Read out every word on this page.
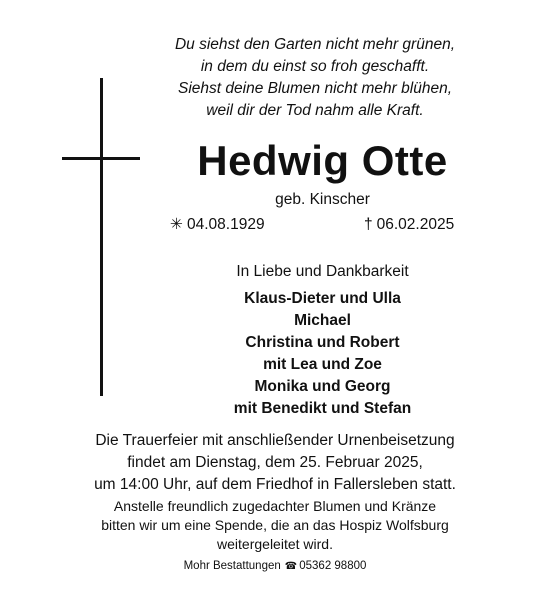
Du siehst den Garten nicht mehr grünen,
in dem du einst so froh geschafft.
Siehst deine Blumen nicht mehr blühen,
weil dir der Tod nahm alle Kraft.
Hedwig Otte
geb. Kinscher
✳ 04.08.1929	† 06.02.2025
In Liebe und Dankbarkeit
Klaus-Dieter und Ulla
Michael
Christina und Robert
mit Lea und Zoe
Monika und Georg
mit Benedikt und Stefan
Die Trauerfeier mit anschließender Urnenbeisetzung
findet am Dienstag, dem 25. Februar 2025,
um 14:00 Uhr, auf dem Friedhof in Fallersleben statt.
Anstelle freundlich zugedachter Blumen und Kränze
bitten wir um eine Spende, die an das Hospiz Wolfsburg
weitergeleitet wird.
Mohr Bestattungen ☎ 05362 98800
